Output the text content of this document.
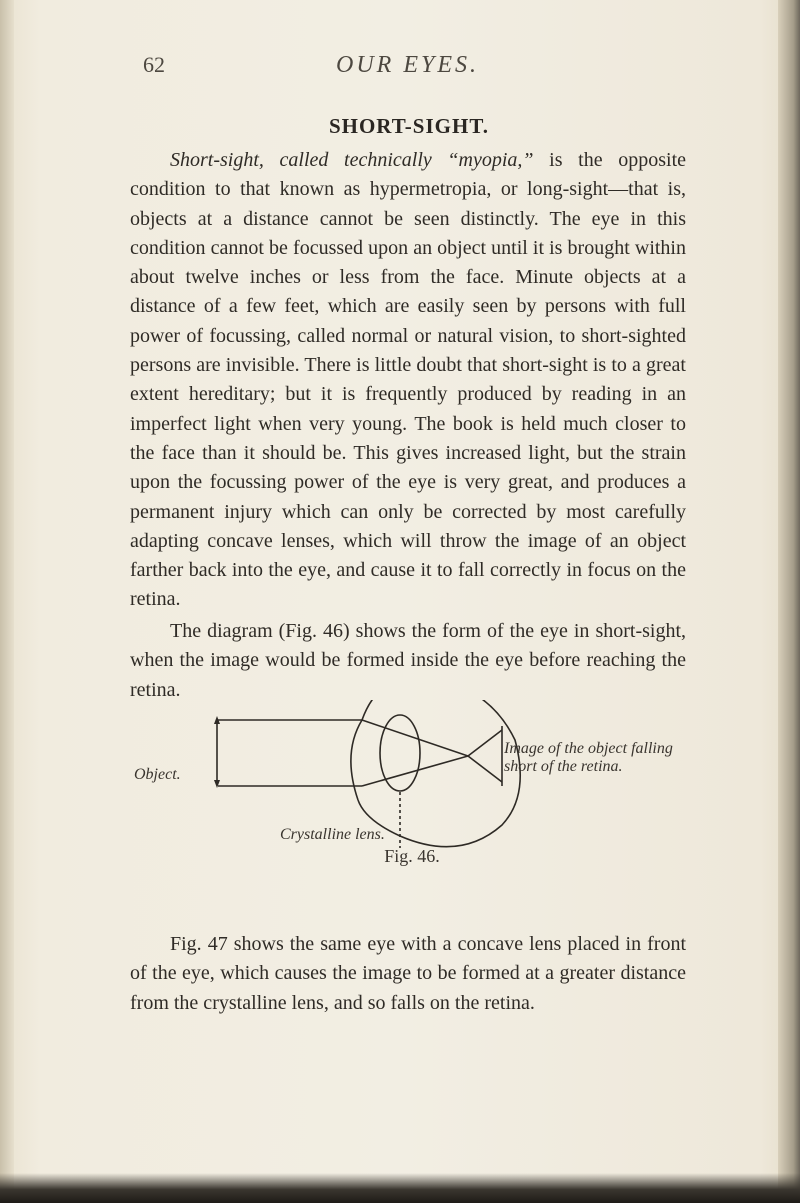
62	OUR EYES.
SHORT-SIGHT.

Short-sight, called technically “myopia,” is the opposite condition to that known as hypermetropia, or long-sight—that is, objects at a distance cannot be seen distinctly. The eye in this condition cannot be focussed upon an object until it is brought within about twelve inches or less from the face. Minute objects at a distance of a few feet, which are easily seen by persons with full power of focussing, called normal or natural vision, to short-sighted persons are invisible. There is little doubt that short-sight is to a great extent hereditary; but it is frequently produced by reading in an imperfect light when very young. The book is held much closer to the face than it should be. This gives increased light, but the strain upon the focussing power of the eye is very great, and produces a permanent injury which can only be corrected by most carefully adapting concave lenses, which will throw the image of an object farther back into the eye, and cause it to fall correctly in focus on the retina.

The diagram (Fig. 46) shows the form of the eye in short-sight, when the image would be formed inside the eye before reaching the retina.

Object.
Image of the object falling short of the retina.
Crystalline lens.
Fig. 46.

Fig. 47 shows the same eye with a concave lens placed in front of the eye, which causes the image to be formed at a greater distance from the crystalline lens, and so falls on the retina.
